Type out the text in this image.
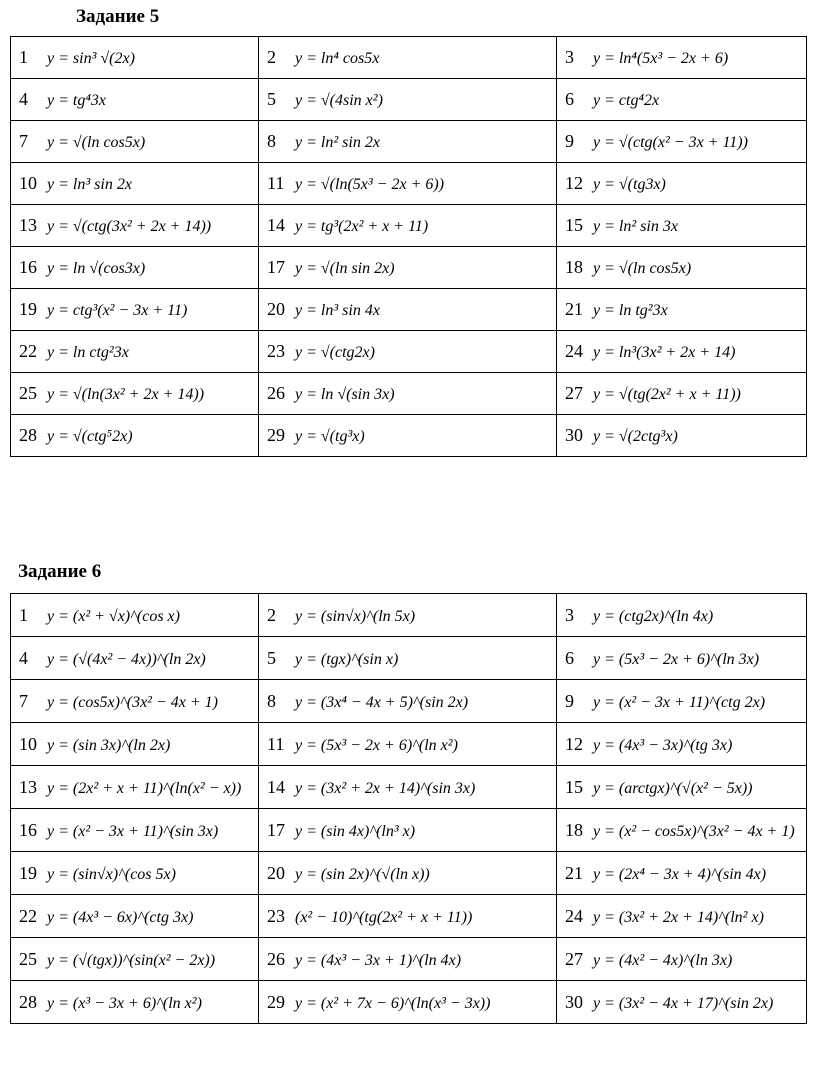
Задание 5
1 y = sin³ √(2x)	2 y = ln⁴ cos5x	3 y = ln⁴(5x³ − 2x + 6)
4 y = tg⁴3x	5 y = √(4sin x²)	6 y = ctg⁴2x
7 y = √(ln cos5x)	8 y = ln² sin 2x	9 y = √(ctg(x² − 3x + 11))
10 y = ln³ sin 2x	11 y = √(ln(5x³ − 2x + 6))	12 y = √(tg3x)
13 y = √(ctg(3x² + 2x + 14))	14 y = tg³(2x² + x + 11)	15 y = ln² sin 3x
16 y = ln √(cos3x)	17 y = √(ln sin 2x)	18 y = √(ln cos5x)
19 y = ctg³(x² − 3x + 11)	20 y = ln³ sin 4x	21 y = ln tg²3x
22 y = ln ctg²3x	23 y = √(ctg2x)	24 y = ln³(3x² + 2x + 14)
25 y = √(ln(3x² + 2x + 14))	26 y = ln √(sin 3x)	27 y = √(tg(2x² + x + 11))
28 y = √(ctg⁵2x)	29 y = √(tg³x)	30 y = √(2ctg³x)
Задание 6
1 y = (x² + √x)^(cos x)	2 y = (sin√x)^(ln 5x)	3 y = (ctg2x)^(ln 4x)
4 y = (√(4x² − 4x))^(ln 2x)	5 y = (tgx)^(sin x)	6 y = (5x³ − 2x + 6)^(ln 3x)
7 y = (cos5x)^(3x² − 4x + 1)	8 y = (3x⁴ − 4x + 5)^(sin 2x)	9 y = (x² − 3x + 11)^(ctg 2x)
10 y = (sin 3x)^(ln 2x)	11 y = (5x³ − 2x + 6)^(ln x²)	12 y = (4x³ − 3x)^(tg 3x)
13 y = (2x² + x + 11)^(ln(x² − x))	14 y = (3x² + 2x + 14)^(sin 3x)	15 y = (arctgx)^(√(x² − 5x))
16 y = (x² − 3x + 11)^(sin 3x)	17 y = (sin 4x)^(ln³ x)	18 y = (x² − cos5x)^(3x² − 4x + 1)
19 y = (sin√x)^(cos 5x)	20 y = (sin 2x)^(√(ln x))	21 y = (2x⁴ − 3x + 4)^(sin 4x)
22 y = (4x³ − 6x)^(ctg 3x)	23 (x² − 10)^(tg(2x² + x + 11))	24 y = (3x² + 2x + 14)^(ln² x)
25 y = (√(tgx))^(sin(x² − 2x))	26 y = (4x³ − 3x + 1)^(ln 4x)	27 y = (4x² − 4x)^(ln 3x)
28 y = (x³ − 3x + 6)^(ln x²)	29 y = (x² + 7x − 6)^(ln(x³ − 3x))	30 y = (3x² − 4x + 17)^(sin 2x)
